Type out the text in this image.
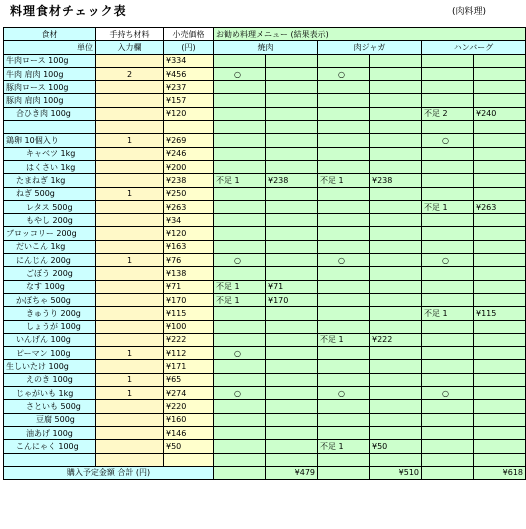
料理食材チェック表	(肉料理)
食材	手持ち材料	小売価格	お勧め料理メニュー (結果表示)					
単位	入力欄	(円)	焼肉		肉ジャガ		ハンバーグ	
牛肉ロース 100g		¥334						
牛肉 肩肉 100g	2	¥456	○		○			
豚肉ロース 100g		¥237						
豚肉 肩肉 100g		¥157						
合ひき肉 100g		¥120					不足 2	¥240

鶏卵 10個入り	1	¥269					○	
キャベツ 1kg		¥246						
はくさい 1kg		¥200						
たまねぎ 1kg		¥238	不足 1	¥238	不足 1	¥238		
ねぎ 500g	1	¥250						
レタス 500g		¥263					不足 1	¥263
もやし 200g		¥34						
ブロッコリー 200g		¥120						
だいこん 1kg		¥163						
にんじん 200g	1	¥76	○		○		○	
ごぼう 200g		¥138						
なす 100g		¥71	不足 1	¥71				
かぼちゃ 500g		¥170	不足 1	¥170				
きゅうり 200g		¥115					不足 1	¥115
しょうが 100g		¥100						
いんげん 100g		¥222			不足 1	¥222		
ピーマン 100g	1	¥112	○					
生しいたけ 100g		¥171						
えのき 100g	1	¥65						
じゃがいも 1kg	1	¥274	○		○		○	
さといも 500g		¥220						
豆腐 500g		¥160						
油あげ 100g		¥146						
こんにゃく 100g		¥50			不足 1	¥50		

購入予定金額 合計 (円)				¥479		¥510		¥618
